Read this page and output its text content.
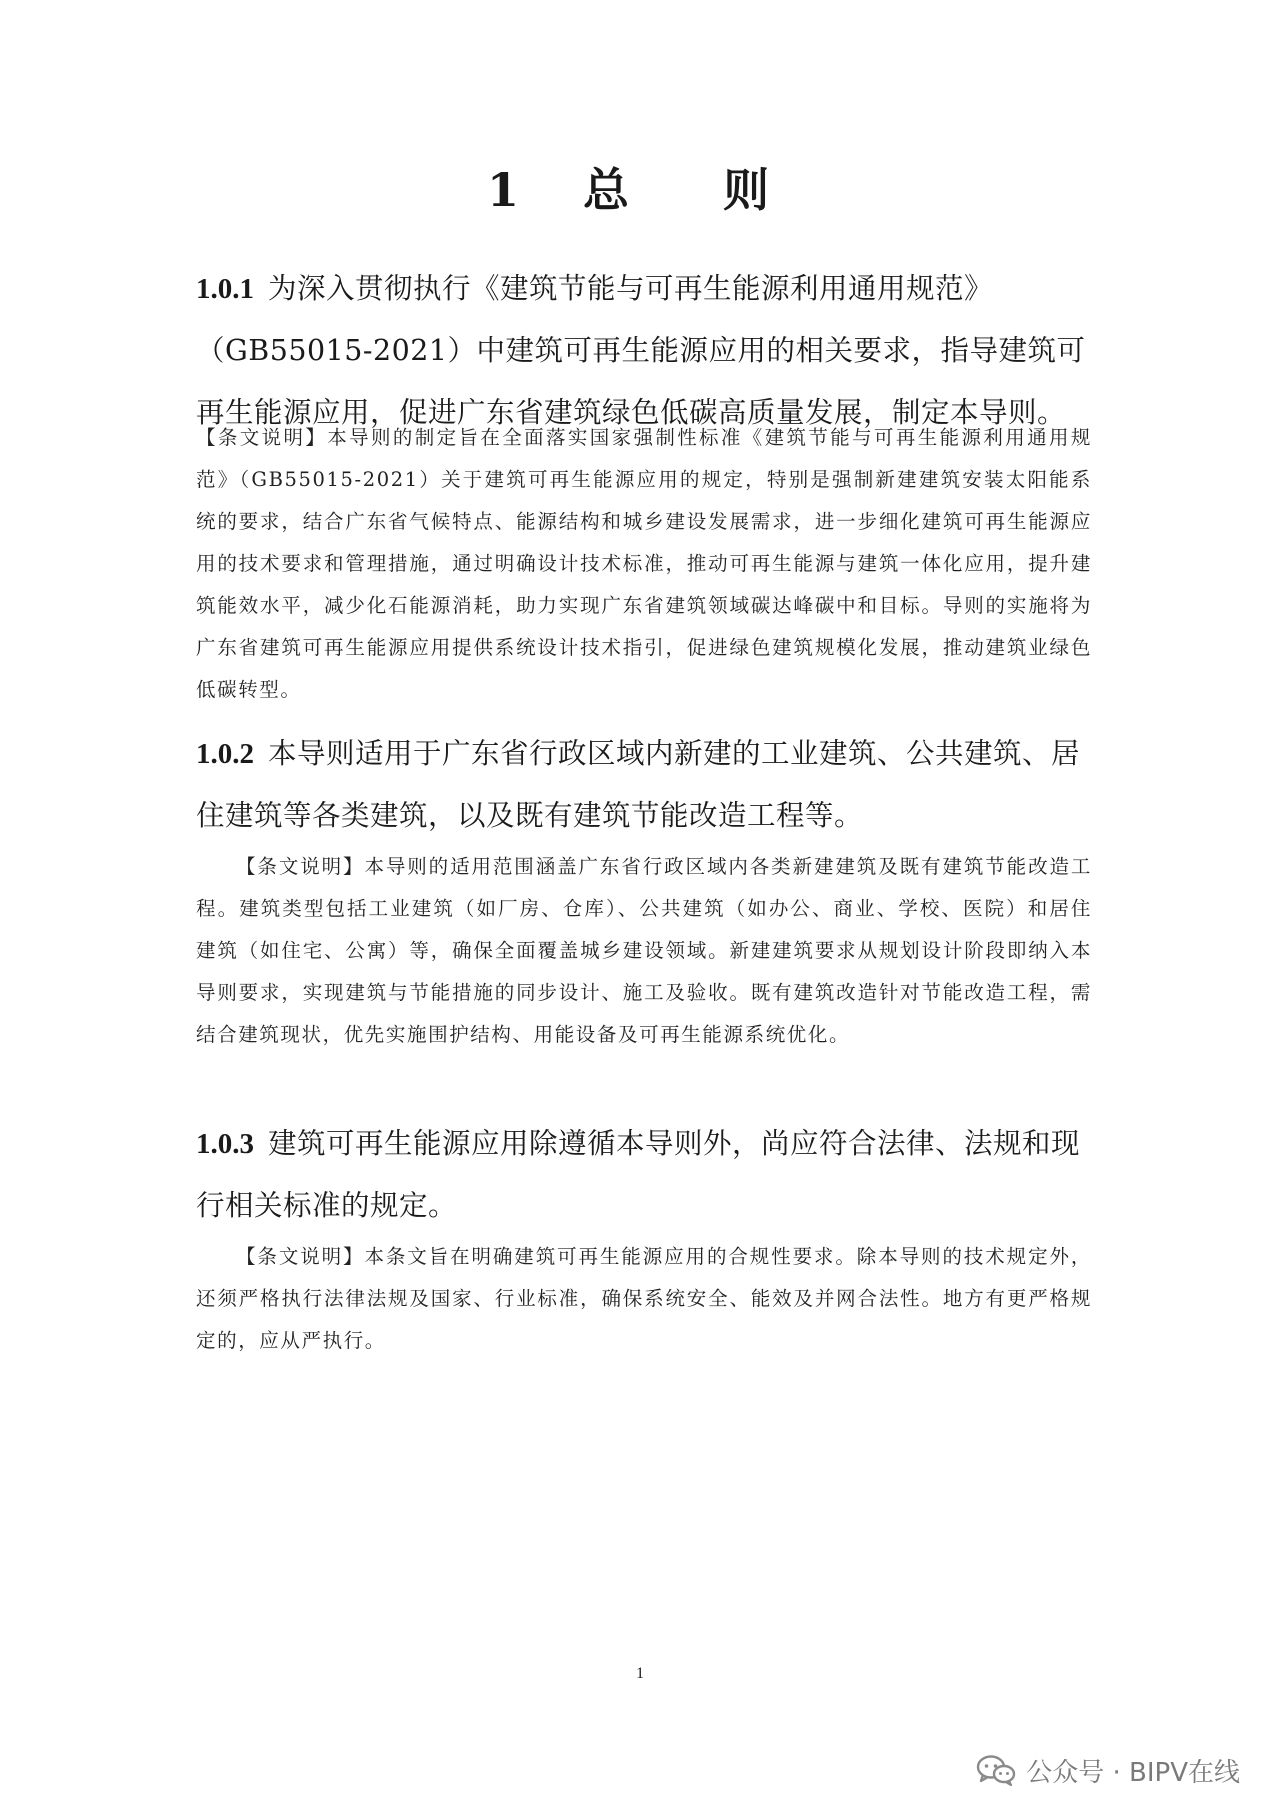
1 总　则

1.0.1 为深入贯彻执行《建筑节能与可再生能源利用通用规范》（GB55015-2021）中建筑可再生能源应用的相关要求，指导建筑可再生能源应用，促进广东省建筑绿色低碳高质量发展，制定本导则。

【条文说明】本导则的制定旨在全面落实国家强制性标准《建筑节能与可再生能源利用通用规范》（GB55015-2021）关于建筑可再生能源应用的规定，特别是强制新建建筑安装太阳能系统的要求，结合广东省气候特点、能源结构和城乡建设发展需求，进一步细化建筑可再生能源应用的技术要求和管理措施，通过明确设计技术标准，推动可再生能源与建筑一体化应用，提升建筑能效水平，减少化石能源消耗，助力实现广东省建筑领域碳达峰碳中和目标。导则的实施将为广东省建筑可再生能源应用提供系统设计技术指引，促进绿色建筑规模化发展，推动建筑业绿色低碳转型。

1.0.2 本导则适用于广东省行政区域内新建的工业建筑、公共建筑、居住建筑等各类建筑，以及既有建筑节能改造工程等。

【条文说明】本导则的适用范围涵盖广东省行政区域内各类新建建筑及既有建筑节能改造工程。建筑类型包括工业建筑（如厂房、仓库）、公共建筑（如办公、商业、学校、医院）和居住建筑（如住宅、公寓）等，确保全面覆盖城乡建设领域。新建建筑要求从规划设计阶段即纳入本导则要求，实现建筑与节能措施的同步设计、施工及验收。既有建筑改造针对节能改造工程，需结合建筑现状，优先实施围护结构、用能设备及可再生能源系统优化。

1.0.3 建筑可再生能源应用除遵循本导则外，尚应符合法律、法规和现行相关标准的规定。

【条文说明】本条文旨在明确建筑可再生能源应用的合规性要求。除本导则的技术规定外，还须严格执行法律法规及国家、行业标准，确保系统安全、能效及并网合法性。地方有更严格规定的，应从严执行。

1

公众号 · BIPV在线
